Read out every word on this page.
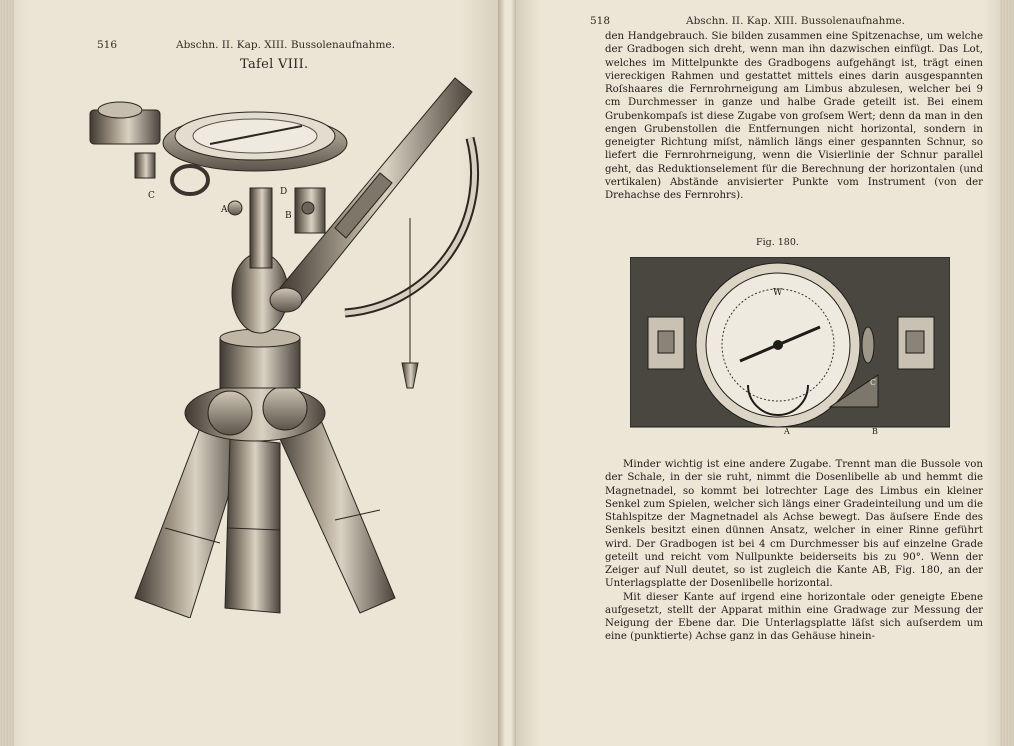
516	Abschn. II. Kap. XIII. Bussolenaufnahme.
Tafel VIII.
C
A
D
B
518	Abschn. II. Kap. XIII. Bussolenaufnahme.

den Handgebrauch. Sie bilden zusammen eine Spitzenachse, um welche der Gradbogen sich dreht, wenn man ihn dazwischen einfügt. Das Lot, welches im Mittelpunkte des Gradbogens aufgehängt ist, trägt einen viereckigen Rahmen und gestattet mittels eines darin ausgespannten Roſshaares die Fernrohrneigung am Limbus abzulesen, welcher bei 9 cm Durchmesser in ganze und halbe Grade geteilt ist. Bei einem Grubenkompaſs ist diese Zugabe von groſsem Wert; denn da man in den engen Grubenstollen die Entfernungen nicht horizontal, sondern in geneigter Richtung miſst, nämlich längs einer gespannten Schnur, so liefert die Fernrohrneigung, wenn die Visierlinie der Schnur parallel geht, das Reduktionselement für die Berechnung der horizontalen (und vertikalen) Abstände anvisierter Punkte vom Instrument (von der Drehachse des Fernrohrs).

Fig. 180.
W
A	B
C

Minder wichtig ist eine andere Zugabe. Trennt man die Bussole von der Schale, in der sie ruht, nimmt die Dosenlibelle ab und hemmt die Magnetnadel, so kommt bei lotrechter Lage des Limbus ein kleiner Senkel zum Spielen, welcher sich längs einer Gradeinteilung und um die Stahlspitze der Magnetnadel als Achse bewegt. Das äuſsere Ende des Senkels besitzt einen dünnen Ansatz, welcher in einer Rinne geführt wird. Der Gradbogen ist bei 4 cm Durchmesser bis auf einzelne Grade geteilt und reicht vom Nullpunkte beiderseits bis zu 90°. Wenn der Zeiger auf Null deutet, so ist zugleich die Kante AB, Fig. 180, an der Unterlagsplatte der Dosenlibelle horizontal.

Mit dieser Kante auf irgend eine horizontale oder geneigte Ebene aufgesetzt, stellt der Apparat mithin eine Gradwage zur Messung der Neigung der Ebene dar. Die Unterlagsplatte läſst sich auſserdem um eine (punktierte) Achse ganz in das Gehäuse hinein-
